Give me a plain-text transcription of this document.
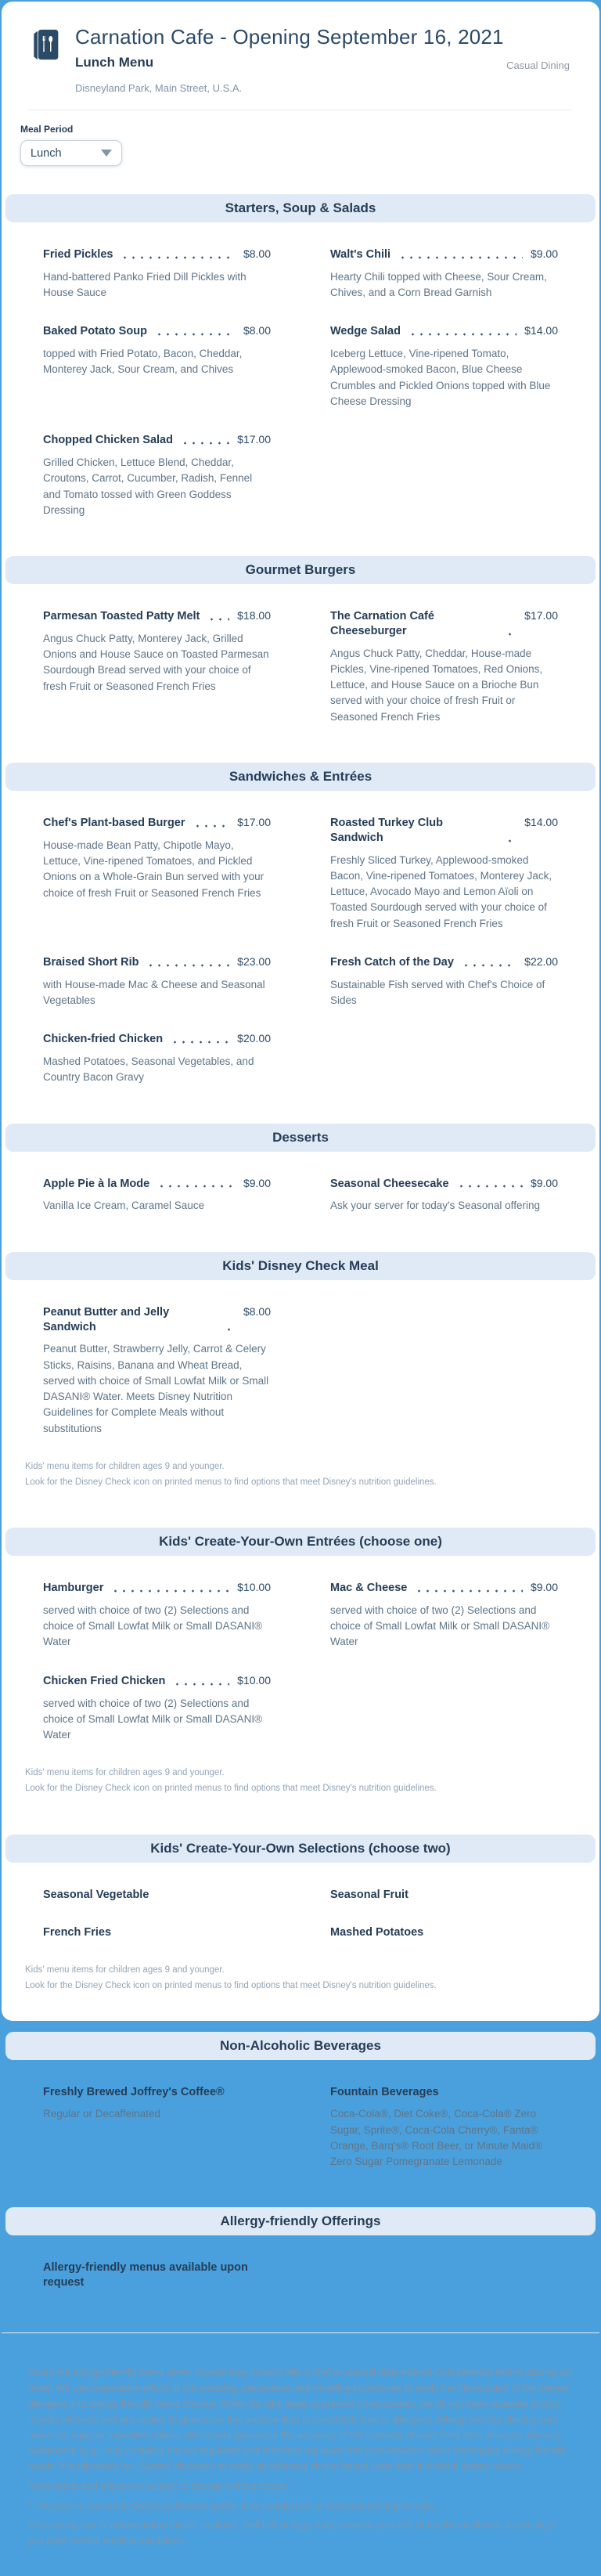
Carnation Cafe - Opening September 16, 2021
Lunch Menu
Disneyland Park, Main Street, U.S.A.
Casual Dining
Meal Period
Lunch
Starters, Soup & Salads
Fried Pickles	$8.00

Hand-battered Panko Fried Dill Pickles with House Sauce

Walt's Chili	$9.00

Hearty Chili topped with Cheese, Sour Cream, Chives, and a Corn Bread Garnish

Baked Potato Soup	$8.00

topped with Fried Potato, Bacon, Cheddar, Monterey Jack, Sour Cream, and Chives

Wedge Salad	$14.00

Iceberg Lettuce, Vine-ripened Tomato, Applewood-smoked Bacon, Blue Cheese Crumbles and Pickled Onions topped with Blue Cheese Dressing

Chopped Chicken Salad	$17.00

Grilled Chicken, Lettuce Blend, Cheddar, Croutons, Carrot, Cucumber, Radish, Fennel and Tomato tossed with Green Goddess Dressing

Gourmet Burgers
Parmesan Toasted Patty Melt	$18.00

Angus Chuck Patty, Monterey Jack, Grilled Onions and House Sauce on Toasted Parmesan Sourdough Bread served with your choice of fresh Fruit or Seasoned French Fries

The Carnation Café Cheeseburger
$17.00

Angus Chuck Patty, Cheddar, House-made Pickles, Vine-ripened Tomatoes, Red Onions, Lettuce, and House Sauce on a Brioche Bun served with your choice of fresh Fruit or Seasoned French Fries

Sandwiches & Entrées
Chef's Plant-based Burger	$17.00

House-made Bean Patty, Chipotle Mayo, Lettuce, Vine-ripened Tomatoes, and Pickled Onions on a Whole-Grain Bun served with your choice of fresh Fruit or Seasoned French Fries

Roasted Turkey Club Sandwich
$14.00

Freshly Sliced Turkey, Applewood-smoked Bacon, Vine-ripened Tomatoes, Monterey Jack, Lettuce, Avocado Mayo and Lemon Aïoli on Toasted Sourdough served with your choice of fresh Fruit or Seasoned French Fries

Braised Short Rib	$23.00

with House-made Mac & Cheese and Seasonal Vegetables

Fresh Catch of the Day	$22.00

Sustainable Fish served with Chef's Choice of Sides

Chicken-fried Chicken	$20.00

Mashed Potatoes, Seasonal Vegetables, and Country Bacon Gravy

Desserts
Apple Pie à la Mode	$9.00

Vanilla Ice Cream, Caramel Sauce

Seasonal Cheesecake	$9.00

Ask your server for today's Seasonal offering

Kids' Disney Check Meal
Peanut Butter and Jelly Sandwich
$8.00

Peanut Butter, Strawberry Jelly, Carrot & Celery Sticks, Raisins, Banana and Wheat Bread, served with choice of Small Lowfat Milk or Small DASANI® Water. Meets Disney Nutrition Guidelines for Complete Meals without substitutions

Kids' menu items for children ages 9 and younger.
Look for the Disney Check icon on printed menus to find options that meet Disney's nutrition guidelines.
Kids' Create-Your-Own Entrées (choose one)
Hamburger	$10.00

served with choice of two (2) Selections and choice of Small Lowfat Milk or Small DASANI® Water

Mac & Cheese	$9.00

served with choice of two (2) Selections and choice of Small Lowfat Milk or Small DASANI® Water

Chicken Fried Chicken	$10.00

served with choice of two (2) Selections and choice of Small Lowfat Milk or Small DASANI® Water

Kids' menu items for children ages 9 and younger.
Look for the Disney Check icon on printed menus to find options that meet Disney's nutrition guidelines.
Kids' Create-Your-Own Selections (choose two)
Seasonal Vegetable	Seasonal Fruit
French Fries	Mashed Potatoes
Kids' menu items for children ages 9 and younger.
Look for the Disney Check icon on printed menus to find options that meet Disney's nutrition guidelines.
Non-Alcoholic Beverages
Freshly Brewed Joffrey's Coffee®

Regular or Decaffeinated

Fountain Beverages

Coca-Cola®, Diet Coke®, Coca-Cola® Zero Sugar, Sprite®, Coca-Cola Cherry®, Fanta® Orange, Barq's® Root Beer, or Minute Maid® Zero Sugar Pomegranate Lemonade

Allergy-friendly Offerings
Allergy-friendly menus available upon request

About our allergy-friendly menu items: Guests may consult with a chef or special diets trained Cast Member before placing an order. We use reasonable efforts in our sourcing, preparation and handling procedures to avoid the introduction of the named allergens into allergy-friendly menu choices. While we take steps to prevent cross-contact, we do not have separate allergy-friendly kitchens and are unable to guarantee that a menu item is completely free of allergens. Allergy-friendly offerings are reliant on supplier ingredient labels. We cannot guarantee the accuracy of the contents of each food item. Allergen advisory statements (e.g.,"may contain") are not regulated and therefore not taken into consideration when developing allergy-friendly meals. It is ultimately our Guests' discretion to make an informed choice based upon their individual dietary needs.

Menu items and prices are subject to change without notice.

* This item is cooked to Guest preference and/or may contain raw or undercooked ingredients.

Consuming raw or undercooked meats, seafood, shellfish or eggs may increase your risk of foodborne illness, especially if you have certain medical conditions.
